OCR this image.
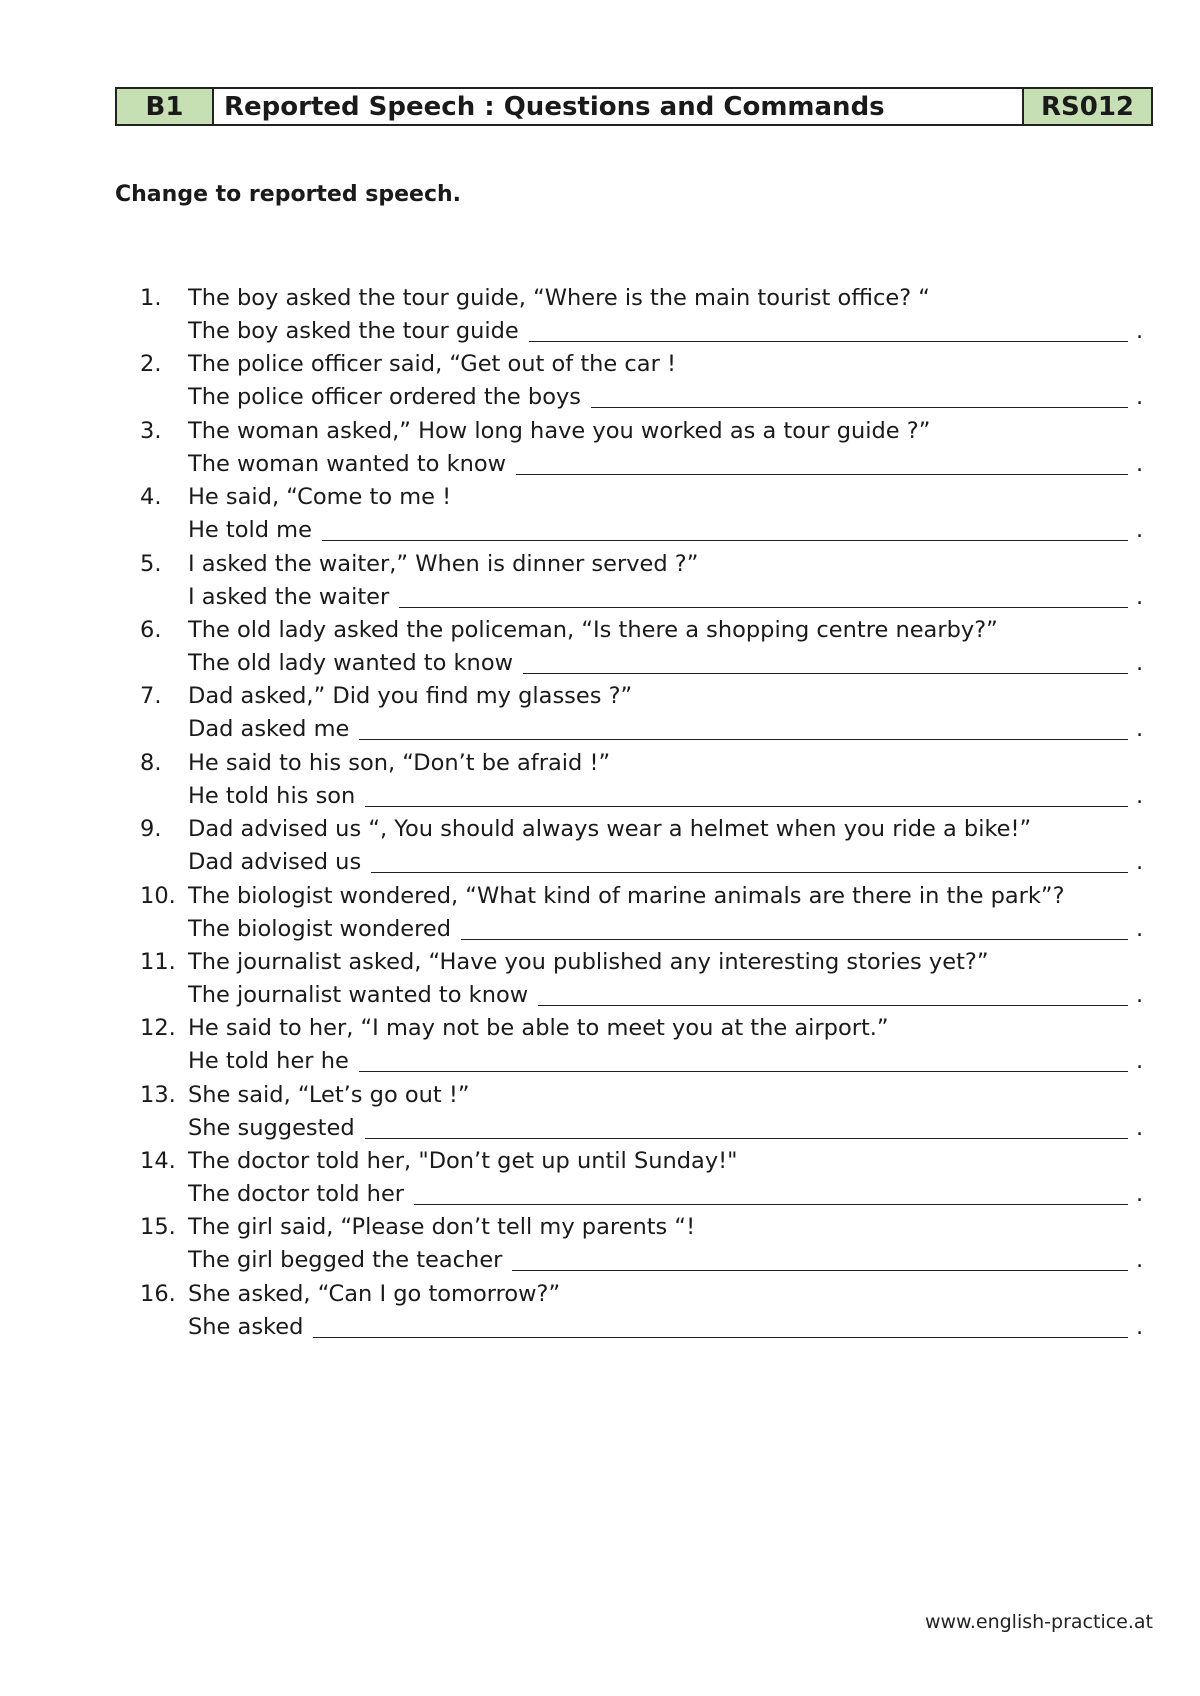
B1	Reported Speech : Questions and Commands	RS012
Change to reported speech.
1.	The boy asked the tour guide, “Where is the main tourist office? “
The boy asked the tour guide	.
2.	The police officer said, “Get out of the car !
The police officer ordered the boys	.
3.	The woman asked,” How long have you worked as a tour guide ?”
The woman wanted to know	.
4.	He said, “Come to me !
He told me	.
5.	I asked the waiter,” When is dinner served ?”
I asked the waiter	.
6.	The old lady asked the policeman, “Is there a shopping centre nearby?”
The old lady wanted to know	.
7.	Dad asked,” Did you find my glasses ?”
Dad asked me	.
8.	He said to his son, “Don’t be afraid !”
He told his son	.
9.	Dad advised us “, You should always wear a helmet when you ride a bike!”
Dad advised us	.
10. The biologist wondered, “What kind of marine animals are there in the park”?
The biologist wondered	.
11. The journalist asked, “Have you published any interesting stories yet?”
The journalist wanted to know	.
12. He said to her, “I may not be able to meet you at the airport.”
He told her he	.
13. She said, “Let’s go out !”
She suggested	.
14. The doctor told her, "Don’t get up until Sunday!"
The doctor told her	.
15. The girl said, “Please don’t tell my parents “!
The girl begged the teacher	.
16. She asked, “Can I go tomorrow?”
She asked	.
www.english-practice.at
